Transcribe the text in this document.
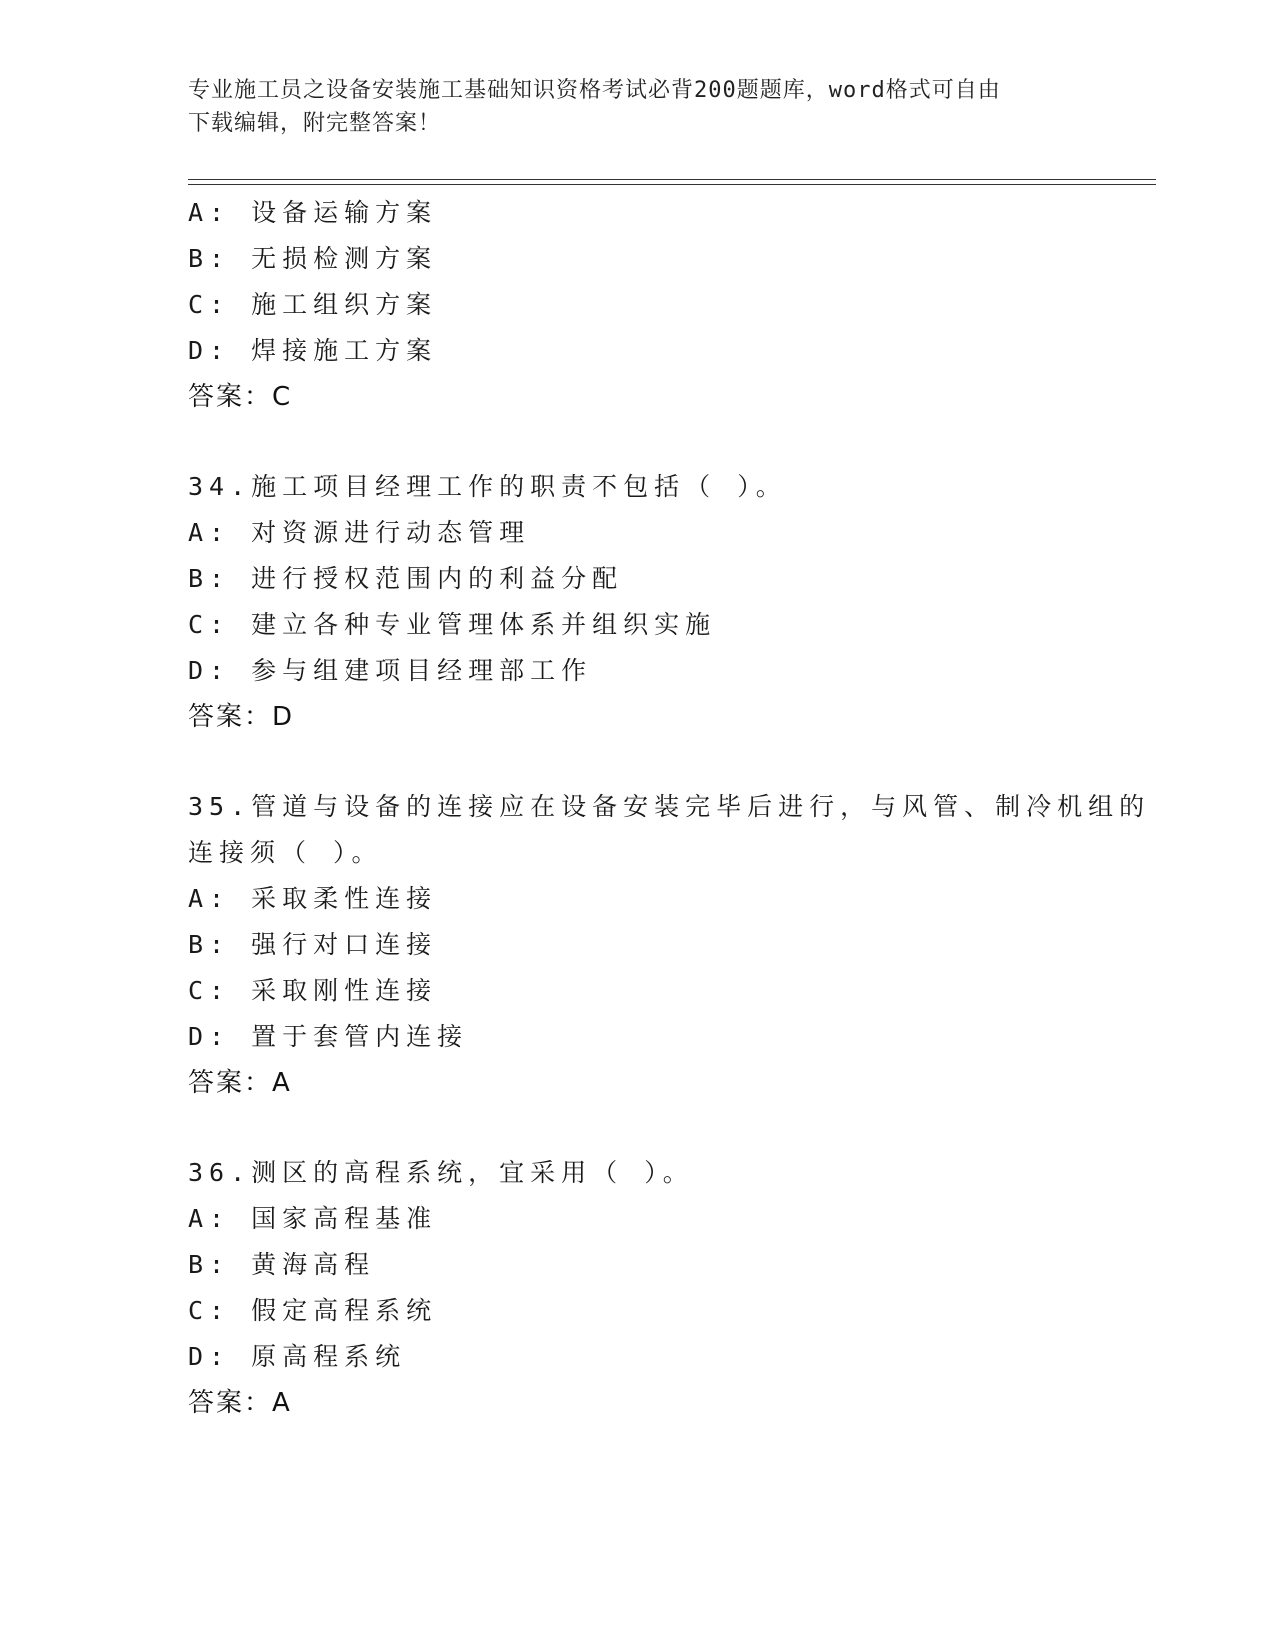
专业施工员之设备安装施工基础知识资格考试必背200题题库，word格式可自由
下载编辑，附完整答案！
A: 设备运输方案
B: 无损检测方案
C: 施工组织方案
D: 焊接施工方案
答案：C
34.施工项目经理工作的职责不包括（ ）。
A: 对资源进行动态管理
B: 进行授权范围内的利益分配
C: 建立各种专业管理体系并组织实施
D: 参与组建项目经理部工作
答案：D
35.管道与设备的连接应在设备安装完毕后进行，与风管、制冷机组的
连接须（ ）。
A: 采取柔性连接
B: 强行对口连接
C: 采取刚性连接
D: 置于套管内连接
答案：A
36.测区的高程系统，宜采用（ ）。
A: 国家高程基准
B: 黄海高程
C: 假定高程系统
D: 原高程系统
答案：A
